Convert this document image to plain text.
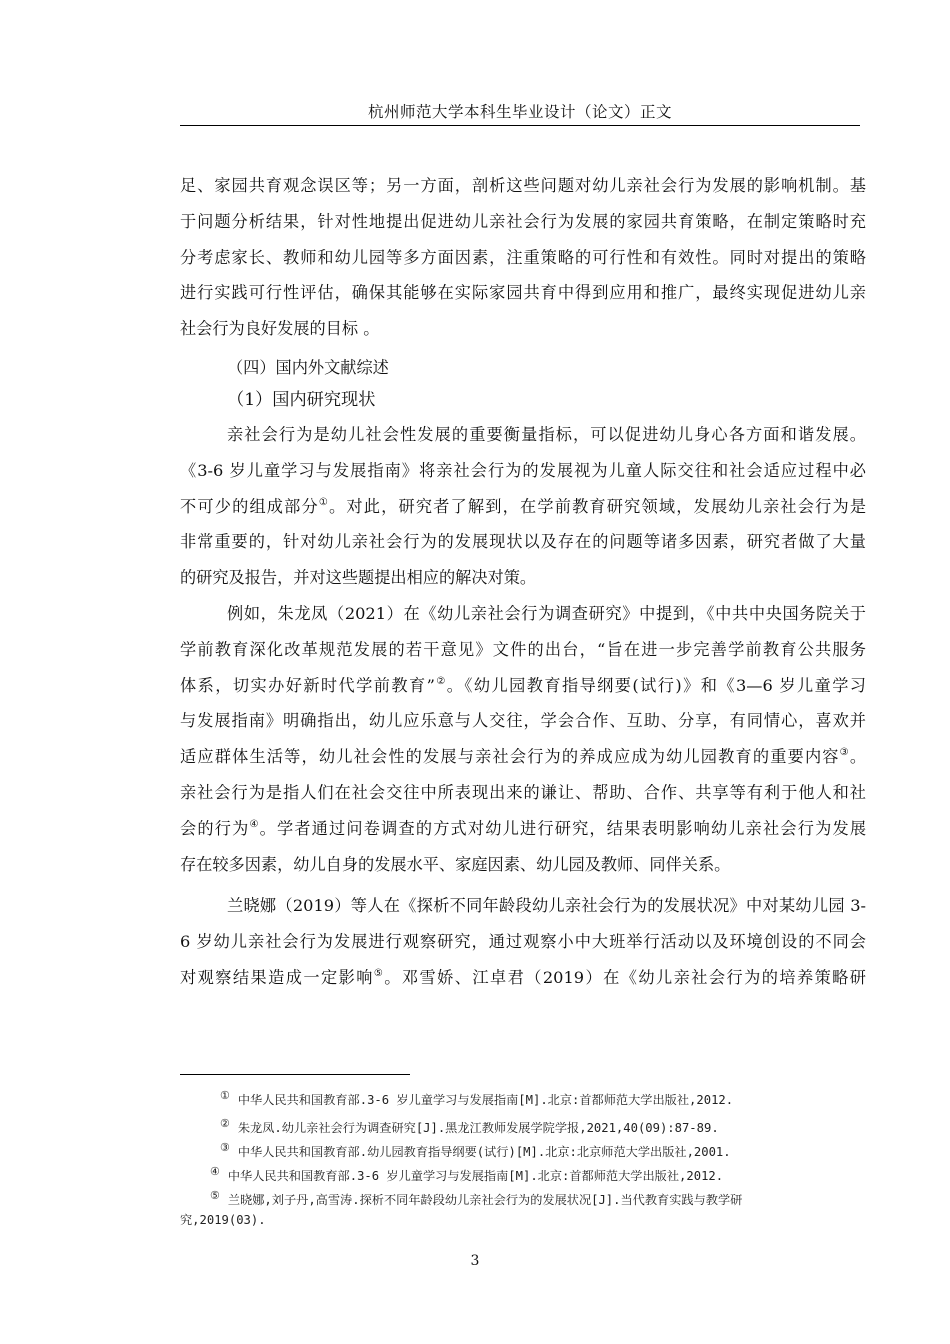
杭州师范大学本科生毕业设计（论文）正文
足、家园共育观念误区等；另一方面，剖析这些问题对幼儿亲社会行为发展的影响机制。基
于问题分析结果，针对性地提出促进幼儿亲社会行为发展的家园共育策略，在制定策略时充
分考虑家长、教师和幼儿园等多方面因素，注重策略的可行性和有效性。同时对提出的策略
进行实践可行性评估，确保其能够在实际家园共育中得到应用和推广，最终实现促进幼儿亲
社会行为良好发展的目标 。
（四）国内外文献综述
（1）国内研究现状
亲社会行为是幼儿社会性发展的重要衡量指标，可以促进幼儿身心各方面和谐发展。
《3-6 岁儿童学习与发展指南》将亲社会行为的发展视为儿童人际交往和社会适应过程中必
不可少的组成部分①。对此，研究者了解到，在学前教育研究领域，发展幼儿亲社会行为是
非常重要的，针对幼儿亲社会行为的发展现状以及存在的问题等诸多因素，研究者做了大量
的研究及报告，并对这些题提出相应的解决对策。
例如，朱龙凤（2021）在《幼儿亲社会行为调查研究》中提到，《中共中央国务院关于
学前教育深化改革规范发展的若干意见》文件的出台，“旨在进一步完善学前教育公共服务
体系，切实办好新时代学前教育”②。《幼儿园教育指导纲要(试行)》和《3—6 岁儿童学习
与发展指南》明确指出，幼儿应乐意与人交往，学会合作、互助、分享，有同情心，喜欢并
适应群体生活等，幼儿社会性的发展与亲社会行为的养成应成为幼儿园教育的重要内容③。
亲社会行为是指人们在社会交往中所表现出来的谦让、帮助、合作、共享等有利于他人和社
会的行为④。学者通过问卷调查的方式对幼儿进行研究，结果表明影响幼儿亲社会行为发展
存在较多因素，幼儿自身的发展水平、家庭因素、幼儿园及教师、同伴关系。
兰晓娜（2019）等人在《探析不同年龄段幼儿亲社会行为的发展状况》中对某幼儿园 3-
6 岁幼儿亲社会行为发展进行观察研究，通过观察小中大班举行活动以及环境创设的不同会
对观察结果造成一定影响⑤。邓雪娇、江卓君（2019）在《幼儿亲社会行为的培养策略研
① 中华人民共和国教育部.3-6 岁儿童学习与发展指南[M].北京:首都师范大学出版社,2012.
② 朱龙凤.幼儿亲社会行为调查研究[J].黑龙江教师发展学院学报,2021,40(09):87-89.
③ 中华人民共和国教育部.幼儿园教育指导纲要(试行)[M].北京:北京师范大学出版社,2001.
④ 中华人民共和国教育部.3-6 岁儿童学习与发展指南[M].北京:首都师范大学出版社,2012.
⑤ 兰晓娜,刘子丹,高雪涛.探析不同年龄段幼儿亲社会行为的发展状况[J].当代教育实践与教学研
究,2019(03).
3
